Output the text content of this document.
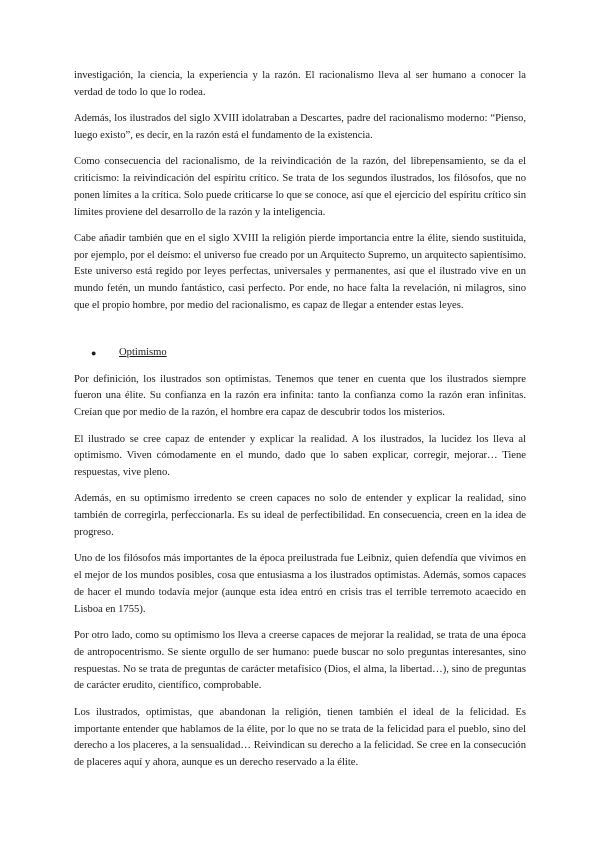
investigación, la ciencia, la experiencia y la razón. El racionalismo lleva al ser humano a conocer la verdad de todo lo que lo rodea.

Además, los ilustrados del siglo XVIII idolatraban a Descartes, padre del racionalismo moderno: “Pienso, luego existo”, es decir, en la razón está el fundamento de la existencia.

Como consecuencia del racionalismo, de la reivindicación de la razón, del librepensamiento, se da el criticismo: la reivindicación del espíritu crítico. Se trata de los segundos ilustrados, los filósofos, que no ponen límites a la crítica. Solo puede criticarse lo que se conoce, así que el ejercicio del espíritu crítico sin límites proviene del desarrollo de la razón y la inteligencia.

Cabe añadir también que en el siglo XVIII la religión pierde importancia entre la élite, siendo sustituida, por ejemplo, por el deísmo: el universo fue creado por un Arquitecto Supremo, un arquitecto sapientísimo. Este universo está regido por leyes perfectas, universales y permanentes, así que el ilustrado vive en un mundo fetén, un mundo fantástico, casi perfecto. Por ende, no hace falta la revelación, ni milagros, sino que el propio hombre, por medio del racionalismo, es capaz de llegar a entender estas leyes.

●	Optimismo

Por definición, los ilustrados son optimistas. Tenemos que tener en cuenta que los ilustrados siempre fueron una élite. Su confianza en la razón era infinita: tanto la confianza como la razón eran infinitas. Creían que por medio de la razón, el hombre era capaz de descubrir todos los misterios.

El ilustrado se cree capaz de entender y explicar la realidad. A los ilustrados, la lucidez los lleva al optimismo. Viven cómodamente en el mundo, dado que lo saben explicar, corregir, mejorar… Tiene respuestas, vive pleno.

Además, en su optimismo irredento se creen capaces no solo de entender y explicar la realidad, sino también de corregirla, perfeccionarla. Es su ideal de perfectibilidad. En consecuencia, creen en la idea de progreso.

Uno de los filósofos más importantes de la época preilustrada fue Leibniz, quien defendía que vivimos en el mejor de los mundos posibles, cosa que entusiasma a los ilustrados optimistas. Además, somos capaces de hacer el mundo todavía mejor (aunque esta idea entró en crisis tras el terrible terremoto acaecido en Lisboa en 1755).

Por otro lado, como su optimismo los lleva a creerse capaces de mejorar la realidad, se trata de una época de antropocentrismo. Se siente orgullo de ser humano: puede buscar no solo preguntas interesantes, sino respuestas. No se trata de preguntas de carácter metafísico (Dios, el alma, la libertad…), sino de preguntas de carácter erudito, científico, comprobable.

Los ilustrados, optimistas, que abandonan la religión, tienen también el ideal de la felicidad. Es importante entender que hablamos de la élite, por lo que no se trata de la felicidad para el pueblo, sino del derecho a los placeres, a la sensualidad… Reivindican su derecho a la felicidad. Se cree en la consecución de placeres aquí y ahora, aunque es un derecho reservado a la élite.
